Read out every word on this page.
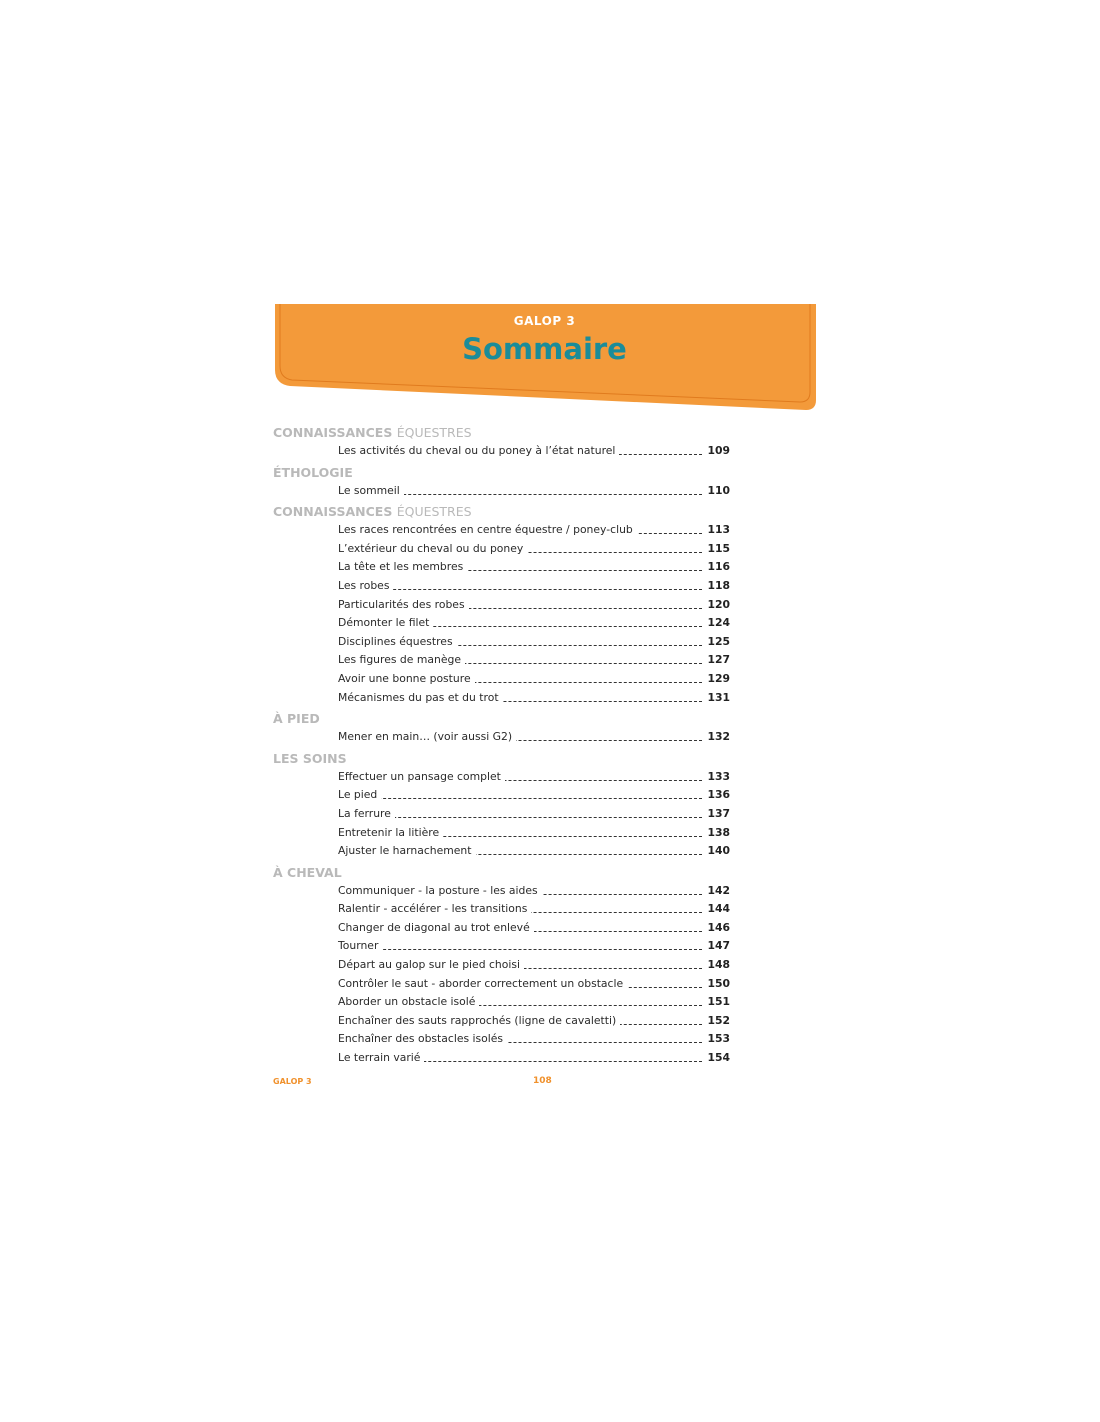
GALOP 3
Sommaire
CONNAISSANCES ÉQUESTRES
Les activités du cheval ou du poney à l’état naturel	109
ÉTHOLOGIE
Le sommeil	110
CONNAISSANCES ÉQUESTRES
Les races rencontrées en centre équestre / poney-club	113
L’extérieur du cheval ou du poney	115
La tête et les membres	116
Les robes	118
Particularités des robes	120
Démonter le filet	124
Disciplines équestres	125
Les figures de manège	127
Avoir une bonne posture	129
Mécanismes du pas et du trot	131
À PIED
Mener en main… (voir aussi G2)	132
LES SOINS
Effectuer un pansage complet	133
Le pied	136
La ferrure	137
Entretenir la litière	138
Ajuster le harnachement	140
À CHEVAL
Communiquer - la posture - les aides	142
Ralentir - accélérer - les transitions	144
Changer de diagonal au trot enlevé	146
Tourner	147
Départ au galop sur le pied choisi	148
Contrôler le saut - aborder correctement un obstacle	150
Aborder un obstacle isolé	151
Enchaîner des sauts rapprochés (ligne de cavaletti)	152
Enchaîner des obstacles isolés	153
Le terrain varié	154
GALOP 3	108
